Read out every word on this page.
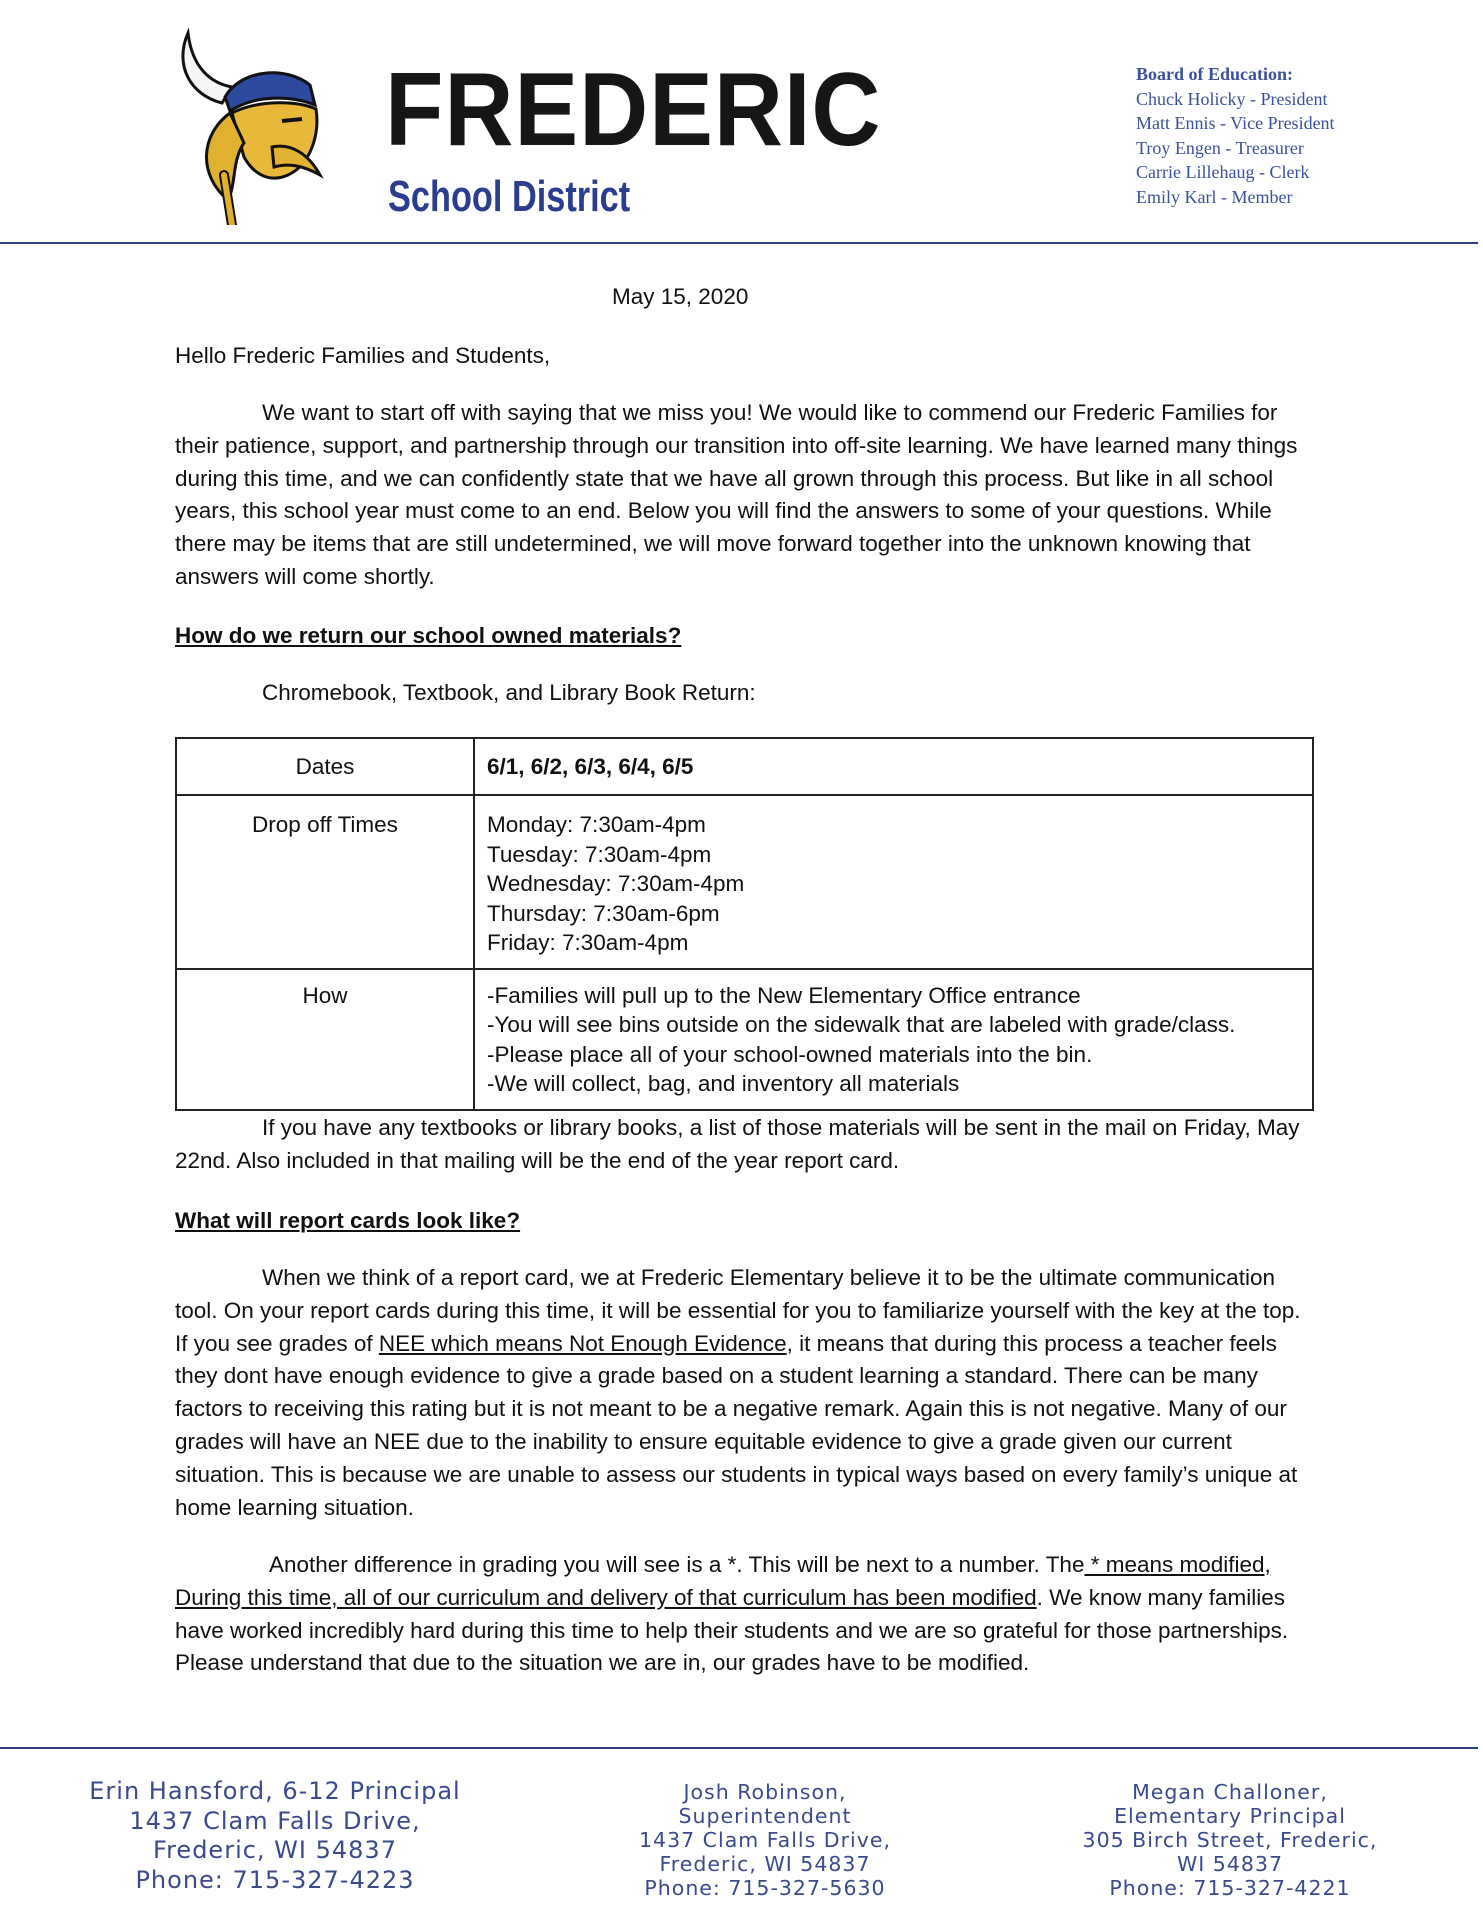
FREDERIC
School District
Board of Education:
Chuck Holicky - President
Matt Ennis - Vice President
Troy Engen - Treasurer
Carrie Lillehaug - Clerk
Emily Karl - Member
May 15, 2020
Hello Frederic Families and Students,
We want to start off with saying that we miss you! We would like to commend our Frederic Families for their patience, support, and partnership through our transition into off-site learning. We have learned many things during this time, and we can confidently state that we have all grown through this process. But like in all school years, this school year must come to an end. Below you will find the answers to some of your questions. While there may be items that are still undetermined, we will move forward together into the unknown knowing that answers will come shortly.
How do we return our school owned materials?
Chromebook, Textbook, and Library Book Return:
Dates	6/1, 6/2, 6/3, 6/4, 6/5
Drop off Times	Monday: 7:30am-4pm
Tuesday: 7:30am-4pm
Wednesday: 7:30am-4pm
Thursday: 7:30am-6pm
Friday: 7:30am-4pm

How	-Families will pull up to the New Elementary Office entrance
-You will see bins outside on the sidewalk that are labeled with grade/class.
-Please place all of your school-owned materials into the bin.
-We will collect, bag, and inventory all materials
If you have any textbooks or library books, a list of those materials will be sent in the mail on Friday, May 22nd. Also included in that mailing will be the end of the year report card.
What will report cards look like?
When we think of a report card, we at Frederic Elementary believe it to be the ultimate communication tool. On your report cards during this time, it will be essential for you to familiarize yourself with the key at the top. If you see grades of NEE which means Not Enough Evidence, it means that during this process a teacher feels they dont have enough evidence to give a grade based on a student learning a standard. There can be many factors to receiving this rating but it is not meant to be a negative remark. Again this is not negative. Many of our grades will have an NEE due to the inability to ensure equitable evidence to give a grade given our current situation. This is because we are unable to assess our students in typical ways based on every family’s unique at home learning situation.
Another difference in grading you will see is a *. This will be next to a number. The * means modified, During this time, all of our curriculum and delivery of that curriculum has been modified. We know many families have worked incredibly hard during this time to help their students and we are so grateful for those partnerships. Please understand that due to the situation we are in, our grades have to be modified.
Erin Hansford, 6-12 Principal
1437 Clam Falls Drive,
Frederic, WI 54837
Phone: 715-327-4223
Josh Robinson,
Superintendent
1437 Clam Falls Drive,
Frederic, WI 54837
Phone: 715-327-5630
Megan Challoner,
Elementary Principal
305 Birch Street, Frederic,
WI 54837
Phone: 715-327-4221
